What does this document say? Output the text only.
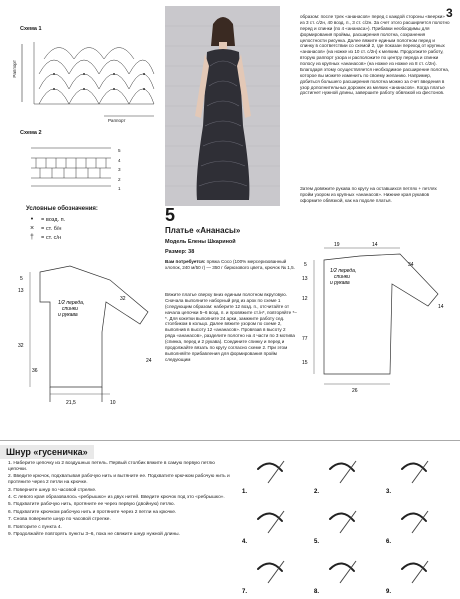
3
Схема 1
Раппорт
Раппорт
Схема 2
5
4
3
2
1
Условные обозначения:
•	= возд. п.
×	= ст. б/н
†	= ст. с/н
1/2 переда,
спинки
и рукава
5
13
32
21,5	10
36
24
32
5
Платье «Ананасы»
Модель Елены Шкариной
Размер: 38
Вам потребуется: пряжа Coco (100% мерсеризованный хлопок, 240 м/50 г) — 350 г бирюзового цвета, крючок № 1,5.
Вяжите платье сверху вниз единым полотном вкруговую. Сначала выполните наборный ряд из арок по схеме 1 (следующим образом: наберите 12 возд. п., отсчитайте от начала цепочки 5–6 возд. п. и провяжите ст./н*, повторяйте *–*. Для кокетки выполните 24 арки, замкните работу сед. столбиком в кольцо. Далее вяжите узором по схеме 2, выполнив в высоту 12 «ананасов». Провязав в высоту 2 ряда «ананасов», разделите полотно на 4 части по 3 мотива (спинка, перед и 2 рукава). Соедините спинку и перед и продолжайте вязать по кругу согласно схеме 2. При этом выполняйте прибавления для формирования пройм следующим
образом: после трех «ананасов» перед с каждой стороны «веерки» из 3 ст. с/2н, 40 возд. п., 3 ст. с/2н. За счет этого расширяется полотно перед и спинки (по 4 «ананаса»). Прибавки необходимы для формирования проймы, расширения полотна, сохранения целостности рисунка. Далее вяжите единым полотном перед и спинку в соответствии со схемой 2, где показан переход от крупных «ананасов» (на ножке из 10 ст. с/2н) к мелким. Продолжите работу, вторую раппорт узора и расположите по центру переда и спинки полосу из крупных «ананасов» (на ножке из ножке из 8 ст. с/2н). Благодаря этому осуществляется необходимое расширение полотна, которое вы можете изменить по своему желанию. Например, добиться большего расширения полотна можно за счет введения в узор дополнительных дорожек из мелких «ананасов». Когда платье достигнет нужной длины, завершите работу обвязкой из фестонов.
Затем довяжите рукава по кругу на оставшихся петлях + петлях пройм узором из крупных «ананасов». Нижние края рукавов оформите обвязкой, как на подоле платья.
1/2 переда,
спинки
и рукава
19	14
34
5
13
12
77
15
26
14
Шнур «гусеничка»
1. Наберите цепочку из 2 воздушных петель. Первый столбик вяжите в самую первую петлю цепочки.
2. Введите крючок, подхватывая рабочую нить и вытяните ее. Подхватите крючком рабочую нить и протяните через 2 петли на крючке.
3. Поверните шнур по часовой стрелке.
4. С левого края образовалось «ребрышко» из двух нитей. Введите крючок под это «ребрышко».
5. Подхватите рабочую нить, протяните ее через первую (двойную) петлю.
6. Подхватите крючком рабочую нить и протяните через 2 петли на крючке.
7. Снова поверните шнур по часовой стрелке.
8. Повторите с пункта 4.
9. Продолжайте повторять пункты 3–6, пока не свяжите шнур нужной длины.
1.	2.	3.
4.	5.	6.
7.	8.	9.
